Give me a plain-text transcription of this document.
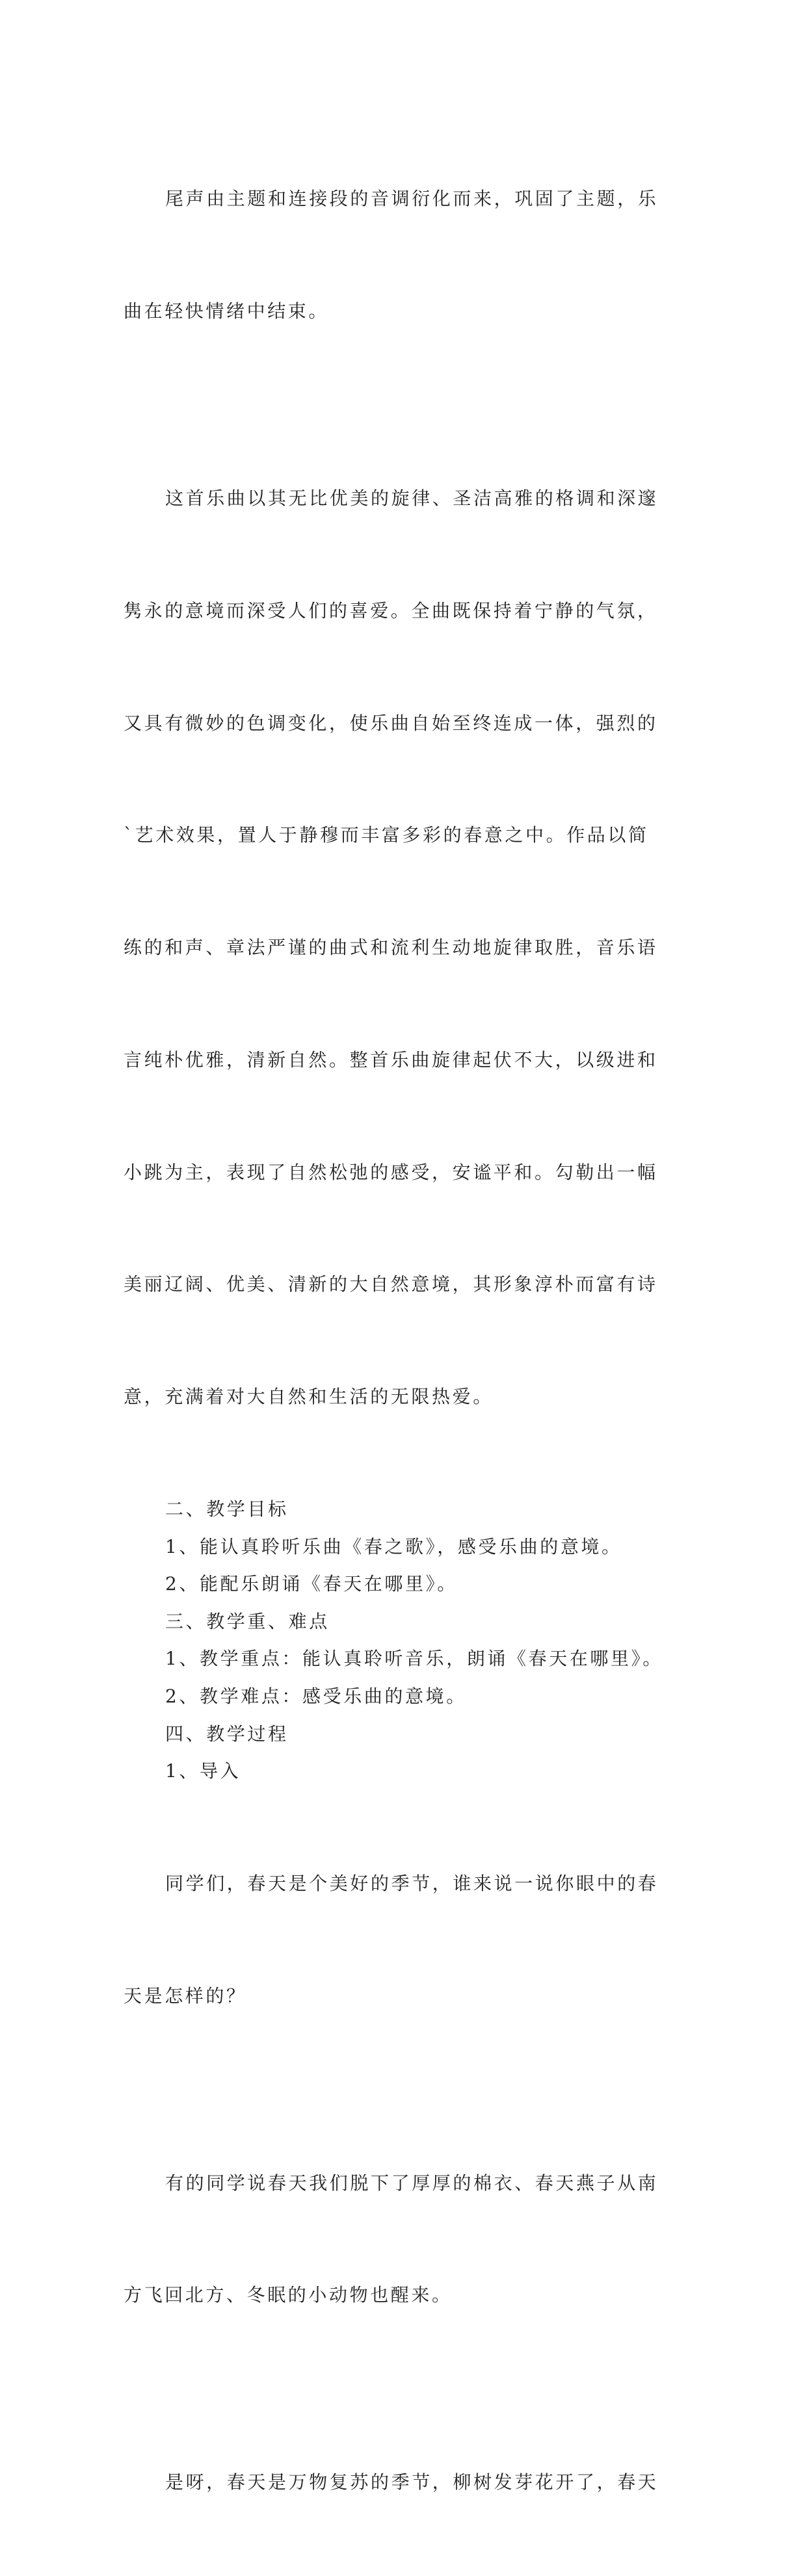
尾声由主题和连接段的音调衍化而来，巩固了主题，乐

曲在轻快情绪中结束。

这首乐曲以其无比优美的旋律、圣洁高雅的格调和深邃

隽永的意境而深受人们的喜爱。全曲既保持着宁静的气氛，

又具有微妙的色调变化，使乐曲自始至终连成一体，强烈的

`艺术效果，置人于静穆而丰富多彩的春意之中。作品以简

练的和声、章法严谨的曲式和流利生动地旋律取胜，音乐语

言纯朴优雅，清新自然。整首乐曲旋律起伏不大，以级进和

小跳为主，表现了自然松弛的感受，安谧平和。勾勒出一幅

美丽辽阔、优美、清新的大自然意境，其形象淳朴而富有诗

意，充满着对大自然和生活的无限热爱。

二、教学目标

1、能认真聆听乐曲《春之歌》，感受乐曲的意境。

2、能配乐朗诵《春天在哪里》。

三、教学重、难点

1、教学重点：能认真聆听音乐，朗诵《春天在哪里》。

2、教学难点：感受乐曲的意境。

四、教学过程

1、导入

同学们，春天是个美好的季节，谁来说一说你眼中的春

天是怎样的？

有的同学说春天我们脱下了厚厚的棉衣、春天燕子从南

方飞回北方、冬眠的小动物也醒来。

是呀，春天是万物复苏的季节，柳树发芽花开了，春天
